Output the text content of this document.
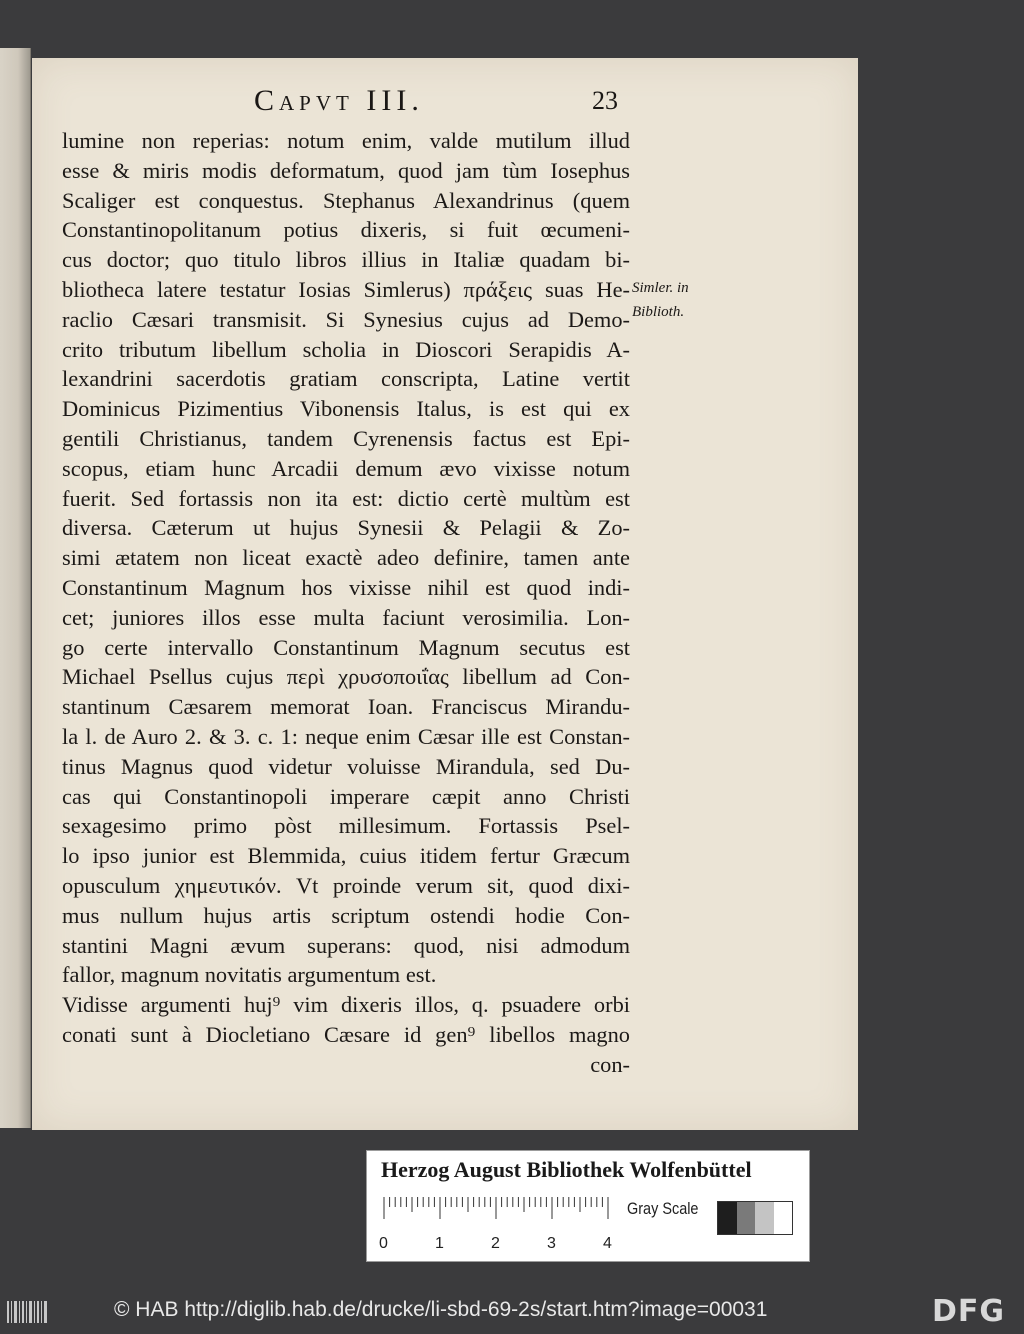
Capvt III.	23
lumine non reperias: notum enim, valde mutilum illud
esse & miris modis deformatum, quod jam tùm Iosephus
Scaliger est conquestus. Stephanus Alexandrinus (quem
Constantinopolitanum potius dixeris, si fuit œcumeni-
cus doctor; quo titulo libros illius in Italiæ quadam bi-
bliotheca latere testatur Iosias Simlerus) πράξεις suas He-
raclio Cæsari transmisit. Si Synesius cujus ad Demo-
crito tributum libellum scholia in Dioscori Serapidis A-
lexandrini sacerdotis gratiam conscripta, Latine vertit
Dominicus Pizimentius Vibonensis Italus, is est qui ex
gentili Christianus, tandem Cyrenensis factus est Epi-
scopus, etiam hunc Arcadii demum ævo vixisse notum
fuerit. Sed fortassis non ita est: dictio certè multùm est
diversa. Cæterum ut hujus Synesii & Pelagii & Zo-
simi ætatem non liceat exactè adeo definire, tamen ante
Constantinum Magnum hos vixisse nihil est quod indi-
cet; juniores illos esse multa faciunt verosimilia. Lon-
go certe intervallo Constantinum Magnum secutus est
Michael Psellus cujus περὶ χρυσοποιΐας libellum ad Con-
stantinum Cæsarem memorat Ioan. Franciscus Mirandu-
la l. de Auro 2. & 3. c. 1: neque enim Cæsar ille est Constan-
tinus Magnus quod videtur voluisse Mirandula, sed Du-
cas qui Constantinopoli imperare cæpit anno Christi
sexagesimo primo pòst millesimum. Fortassis Psel-
lo ipso junior est Blemmida, cuius itidem fertur Græcum
opusculum χημευτικόν. Vt proinde verum sit, quod dixi-
mus nullum hujus artis scriptum ostendi hodie Con-
stantini Magni ævum superans: quod, nisi admodum
fallor, magnum novitatis argumentum est.
Vidisse argumenti huj⁹ vim dixeris illos, q. psuadere orbi
conati sunt à Diocletiano Cæsare id gen⁹ libellos magno
con-
Simler. in
Biblioth.
Herzog August Bibliothek Wolfenbüttel
0	1	2	3	4
Gray Scale
© HAB http://diglib.hab.de/drucke/li-sbd-69-2s/start.htm?image=00031	DFG
